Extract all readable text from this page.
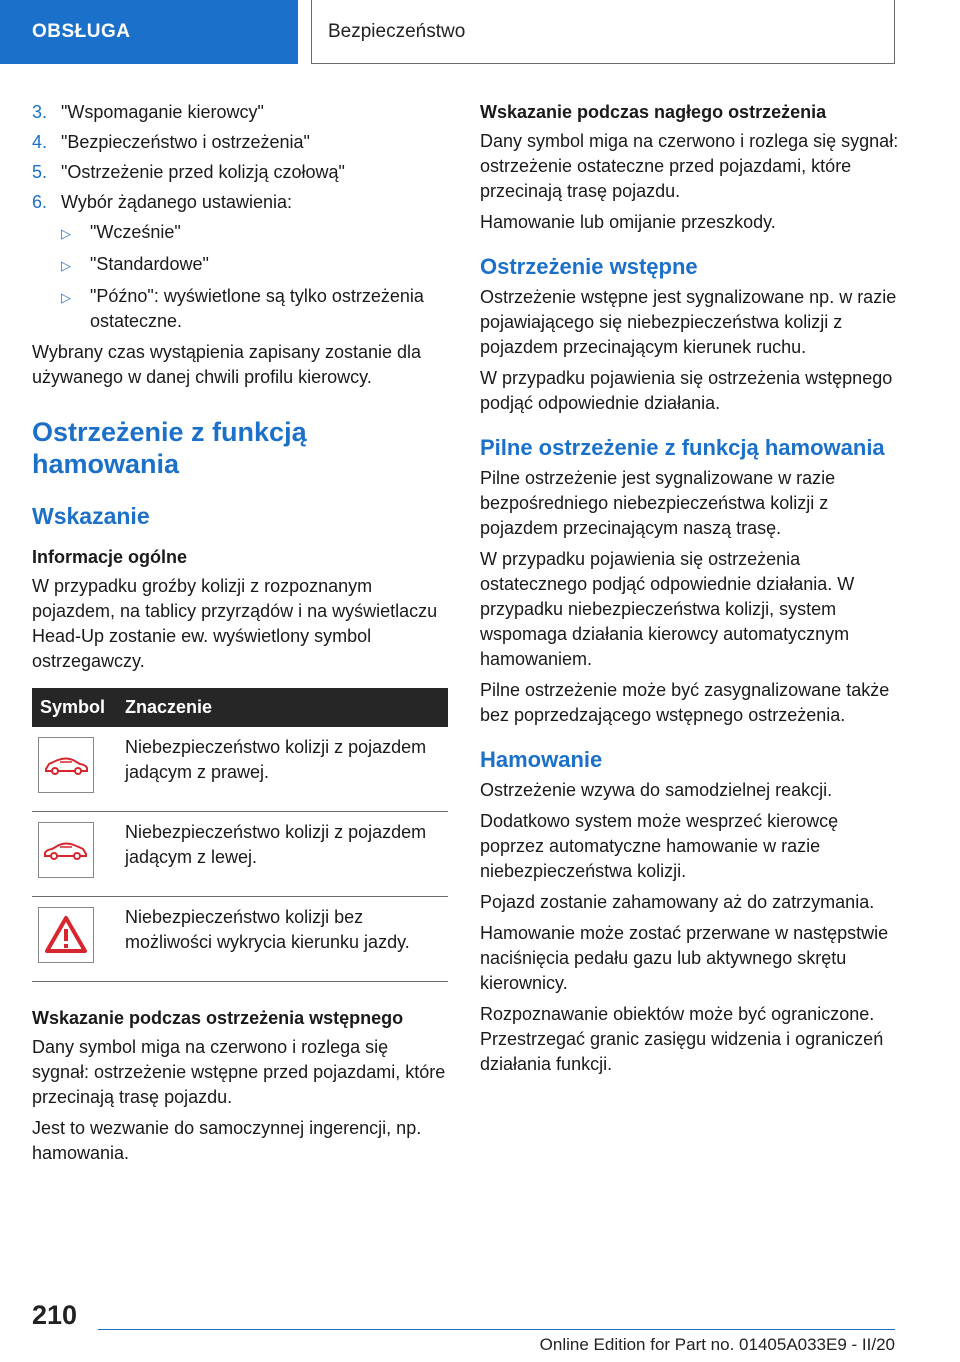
OBSŁUGA	Bezpieczeństwo
3. "Wspomaganie kierowcy"
4. "Bezpieczeństwo i ostrzeżenia"
5. "Ostrzeżenie przed kolizją czołową"
6. Wybór żądanego ustawienia:
▷	"Wcześnie"
▷	"Standardowe"
▷	"Późno": wyświetlone są tylko ostrzeżenia ostateczne.

Wybrany czas wystąpienia zapisany zostanie dla używanego w danej chwili profilu kierowcy.

Ostrzeżenie z funkcją hamowania
Wskazanie
Informacje ogólne

W przypadku groźby kolizji z rozpoznanym pojazdem, na tablicy przyrządów i na wyświetlaczu Head-Up zostanie ew. wyświetlony symbol ostrzegawczy.

Symbol	Znaczenie

	Niebezpieczeństwo kolizji z pojazdem jadącym z prawej.

	Niebezpieczeństwo kolizji z pojazdem jadącym z lewej.

	Niebezpieczeństwo kolizji bez możliwości wykrycia kierunku jazdy.
Wskazanie podczas ostrzeżenia wstępnego

Dany symbol miga na czerwono i rozlega się sygnał: ostrzeżenie wstępne przed pojazdami, które przecinają trasę pojazdu.

Jest to wezwanie do samoczynnej ingerencji, np. hamowania.

Wskazanie podczas nagłego ostrzeżenia

Dany symbol miga na czerwono i rozlega się sygnał: ostrzeżenie ostateczne przed pojazdami, które przecinają trasę pojazdu.

Hamowanie lub omijanie przeszkody.

Ostrzeżenie wstępne

Ostrzeżenie wstępne jest sygnalizowane np. w razie pojawiającego się niebezpieczeństwa kolizji z pojazdem przecinającym kierunek ruchu.

W przypadku pojawienia się ostrzeżenia wstępnego podjąć odpowiednie działania.

Pilne ostrzeżenie z funkcją hamowania

Pilne ostrzeżenie jest sygnalizowane w razie bezpośredniego niebezpieczeństwa kolizji z pojazdem przecinającym naszą trasę.

W przypadku pojawienia się ostrzeżenia ostatecznego podjąć odpowiednie działania. W przypadku niebezpieczeństwa kolizji, system wspomaga działania kierowcy automatycznym hamowaniem.

Pilne ostrzeżenie może być zasygnalizowane także bez poprzedzającego wstępnego ostrzeżenia.

Hamowanie

Ostrzeżenie wzywa do samodzielnej reakcji.

Dodatkowo system może wesprzeć kierowcę poprzez automatyczne hamowanie w razie niebezpieczeństwa kolizji.

Pojazd zostanie zahamowany aż do zatrzymania.

Hamowanie może zostać przerwane w następstwie naciśnięcia pedału gazu lub aktywnego skrętu kierownicy.

Rozpoznawanie obiektów może być ograniczone. Przestrzegać granic zasięgu widzenia i ograniczeń działania funkcji.

210
Online Edition for Part no. 01405A033E9 - II/20
